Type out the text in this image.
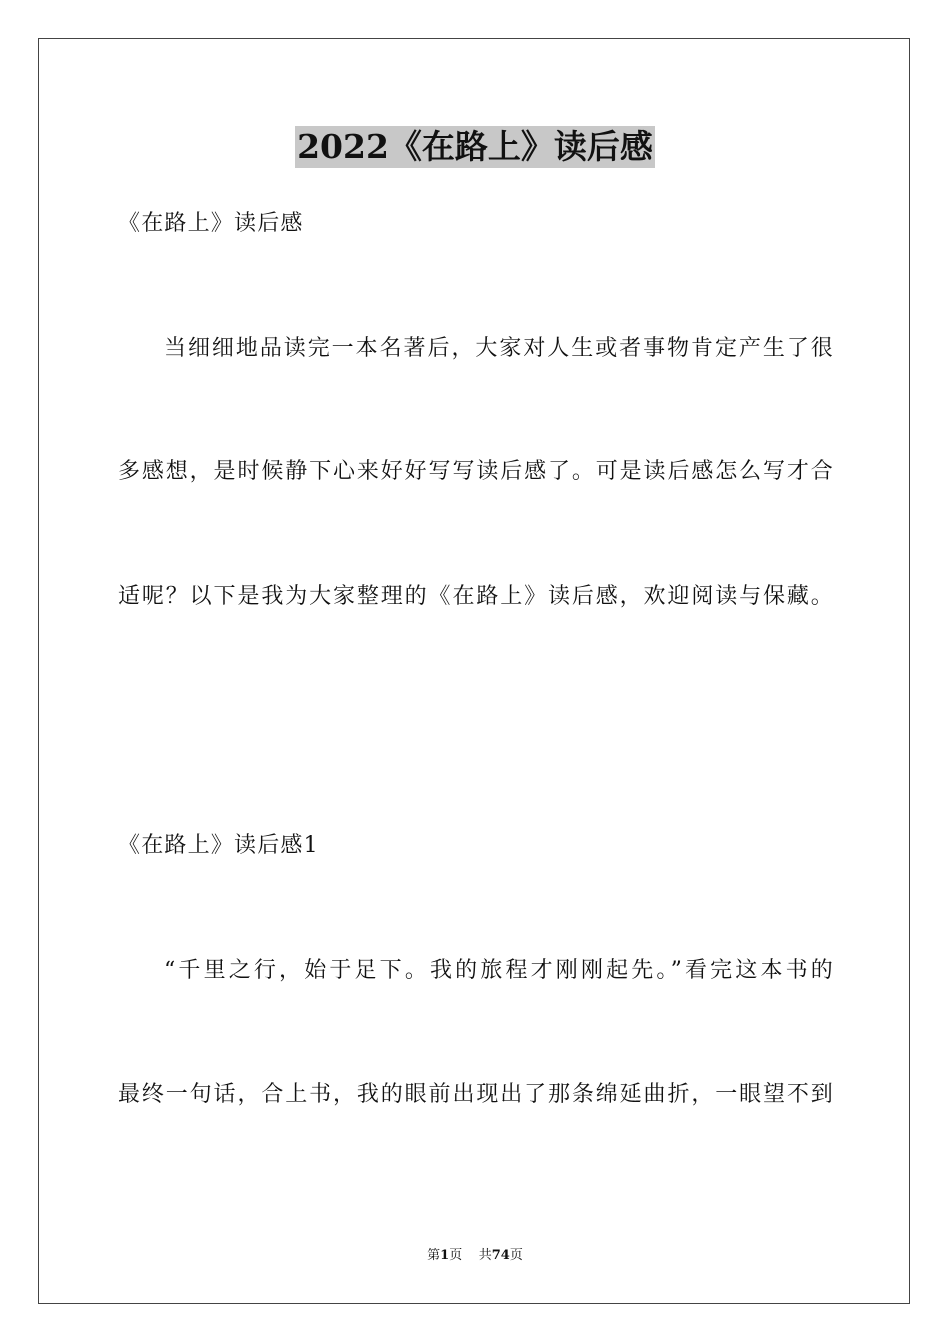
2022《在路上》读后感
《在路上》读后感
当细细地品读完一本名著后，大家对人生或者事物肯定产生了很
多感想，是时候静下心来好好写写读后感了。可是读后感怎么写才合
适呢？以下是我为大家整理的《在路上》读后感，欢迎阅读与保藏。
《在路上》读后感1
“千里之行，始于足下。我的旅程才刚刚起先。”看完这本书的
最终一句话，合上书，我的眼前出现出了那条绵延曲折，一眼望不到
第1页 共74页
